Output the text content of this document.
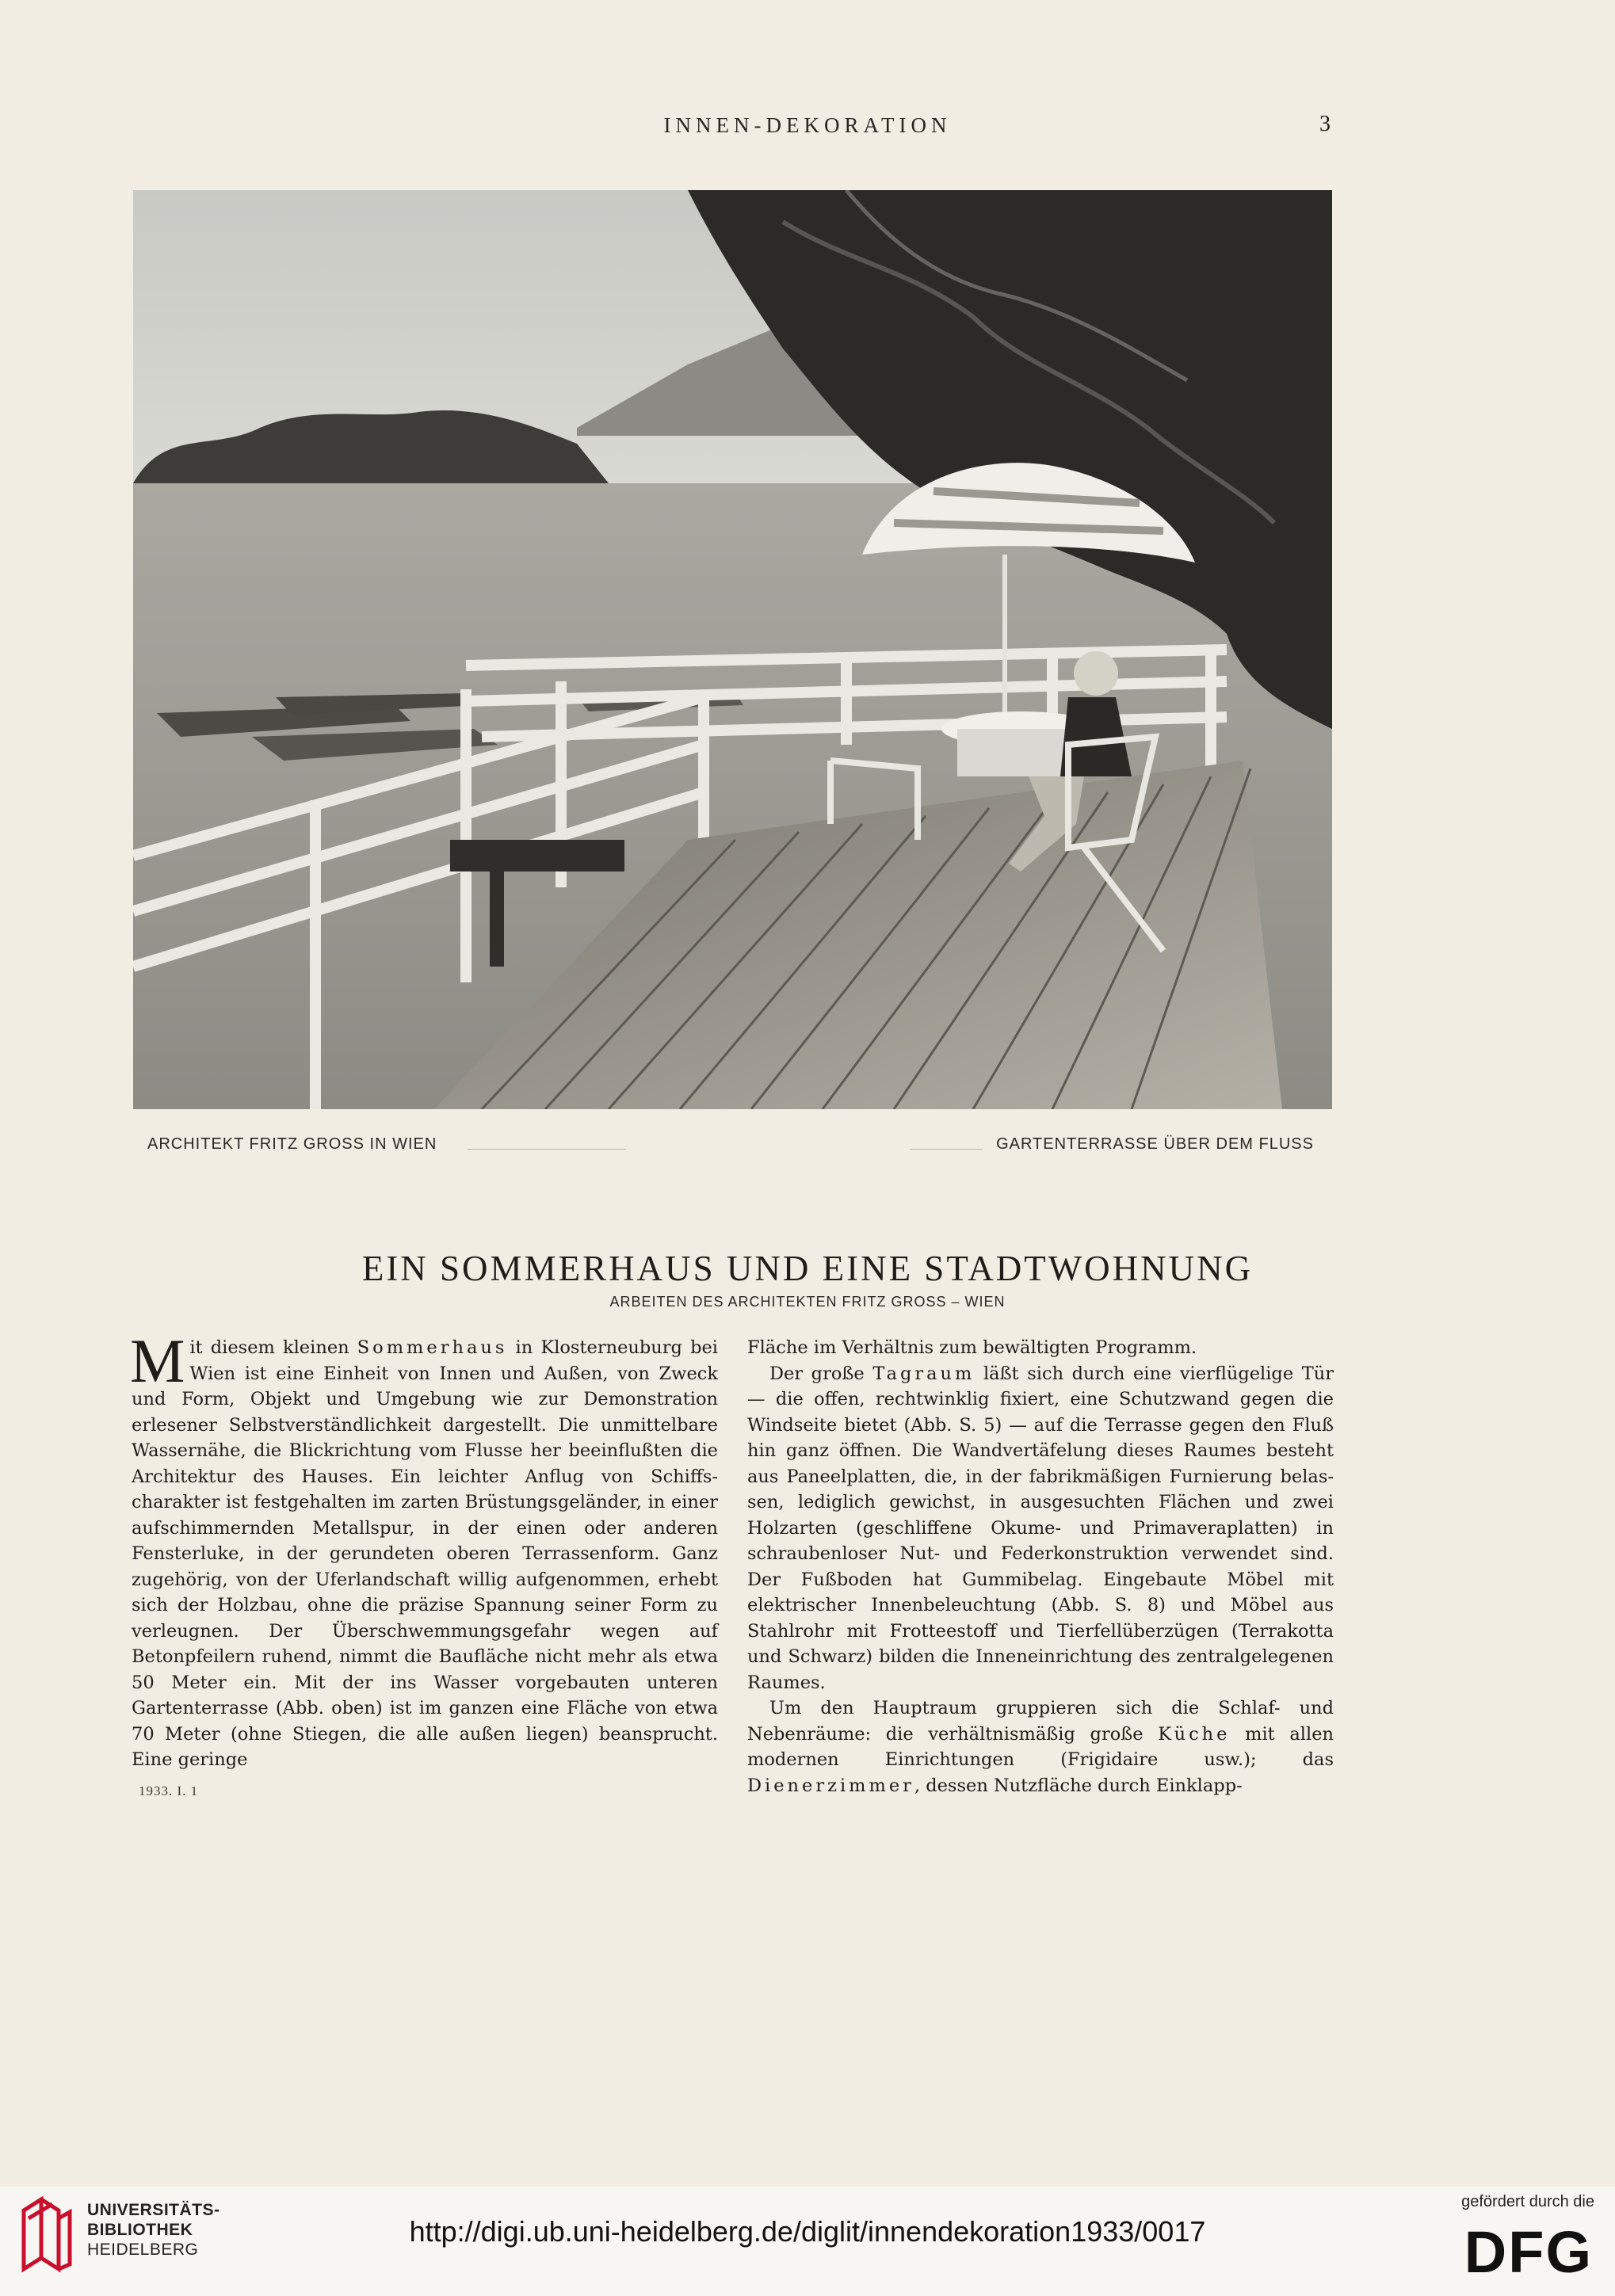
INNEN-DEKORATION	3
ARCHITEKT FRITZ GROSS IN WIEN	GARTENTERRASSE ÜBER DEM FLUSS
EIN SOMMERHAUS UND EINE STADTWOHNUNG
ARBEITEN DES ARCHITEKTEN FRITZ GROSS – WIEN

Mit diesem kleinen Sommerhaus in Klosterneuburg bei Wien ist eine Einheit von Innen und Außen, von Zweck und Form, Objekt und Umgebung wie zur Demonstration erlesener Selbstverständlichkeit dargestellt. Die unmittelbare Wassernähe, die Blickrichtung vom Flusse her beeinflußten die Architektur des Hauses. Ein leichter Anflug von Schiffscharakter ist festgehalten im zarten Brüstungsgeländer, in einer aufschimmernden Metallspur, in der einen oder anderen Fensterluke, in der gerundeten oberen Terrassenform. Ganz zugehörig, von der Uferlandschaft willig aufgenommen, erhebt sich der Holzbau, ohne die präzise Spannung seiner Form zu verleugnen. Der Überschwemmungsgefahr wegen auf Betonpfeilern ruhend, nimmt die Baufläche nicht mehr als etwa 50 Meter ein. Mit der ins Wasser vorgebauten unteren Gartenterrasse (Abb. oben) ist im ganzen eine Fläche von etwa 70 Meter (ohne Stiegen, die alle außen liegen) beansprucht. Eine geringe

Fläche im Verhältnis zum bewältigten Programm.

Der große Tagraum läßt sich durch eine vierflügelige Tür — die offen, rechtwinklig fixiert, eine Schutzwand gegen die Windseite bietet (Abb. S. 5) — auf die Terrasse gegen den Fluß hin ganz öffnen. Die Wandvertäfelung dieses Raumes besteht aus Paneelplatten, die, in der fabrikmäßigen Furnierung belassen, lediglich gewichst, in ausgesuchten Flächen und zwei Holzarten (geschliffene Okume- und Primaveraplatten) in schraubenloser Nut- und Federkonstruktion verwendet sind. Der Fußboden hat Gummibelag. Eingebaute Möbel mit elektrischer Innenbeleuchtung (Abb. S. 8) und Möbel aus Stahlrohr mit Frotteestoff und Tierfellüberzügen (Terrakotta und Schwarz) bilden die Inneneinrichtung des zentralgelegenen Raumes.

Um den Hauptraum gruppieren sich die Schlaf- und Nebenräume: die verhältnismäßig große Küche mit allen modernen Einrichtungen (Frigidaire usw.); das Dienerzimmer, dessen Nutzfläche durch Einklapp-

1933. I. 1
UNIVERSITÄTS-
BIBLIOTHEK
HEIDELBERG
http://digi.ub.uni-heidelberg.de/diglit/innendekoration1933/0017
gefördert durch die
DFG
